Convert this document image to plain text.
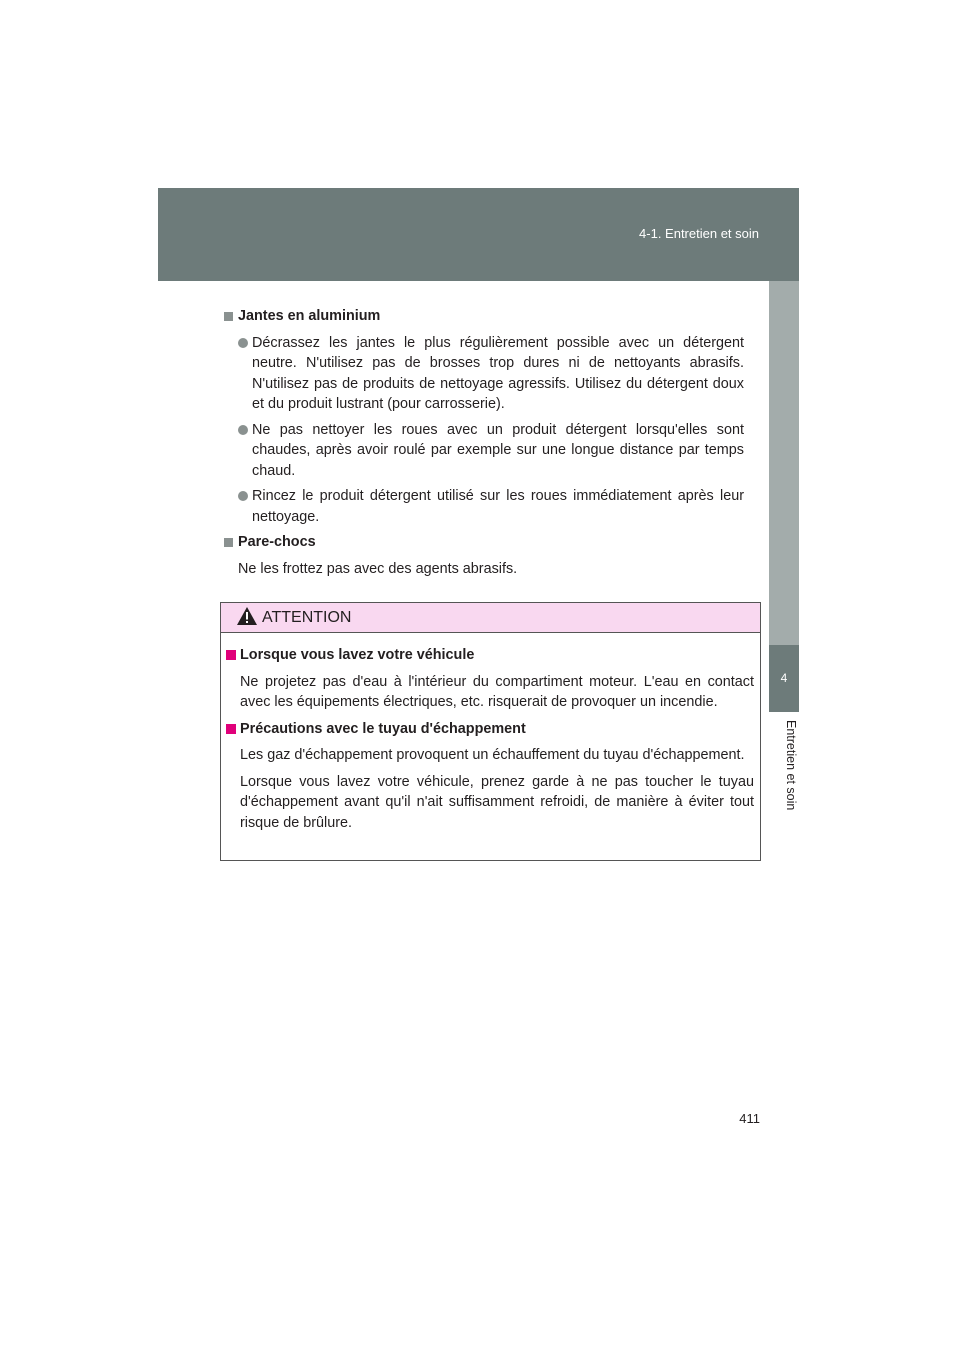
4-1. Entretien et soin
4
Entretien et soin
Jantes en aluminium
Décrassez les jantes le plus régulièrement possible avec un détergent neutre. N'utilisez pas de brosses trop dures ni de nettoyants abrasifs. N'utilisez pas de produits de nettoyage agressifs. Utilisez du détergent doux et du produit lustrant (pour carrosserie).
Ne pas nettoyer les roues avec un produit détergent lorsqu'elles sont chaudes, après avoir roulé par exemple sur une longue distance par temps chaud.
Rincez le produit détergent utilisé sur les roues immédiatement après leur nettoyage.
Pare-chocs
Ne les frottez pas avec des agents abrasifs.
ATTENTION
Lorsque vous lavez votre véhicule
Ne projetez pas d'eau à l'intérieur du compartiment moteur. L'eau en contact avec les équipements électriques, etc. risquerait de provoquer un incendie.
Précautions avec le tuyau d'échappement
Les gaz d'échappement provoquent un échauffement du tuyau d'échappement.
Lorsque vous lavez votre véhicule, prenez garde à ne pas toucher le tuyau d'échappement avant qu'il n'ait suffisamment refroidi, de manière à éviter tout risque de brûlure.
411
